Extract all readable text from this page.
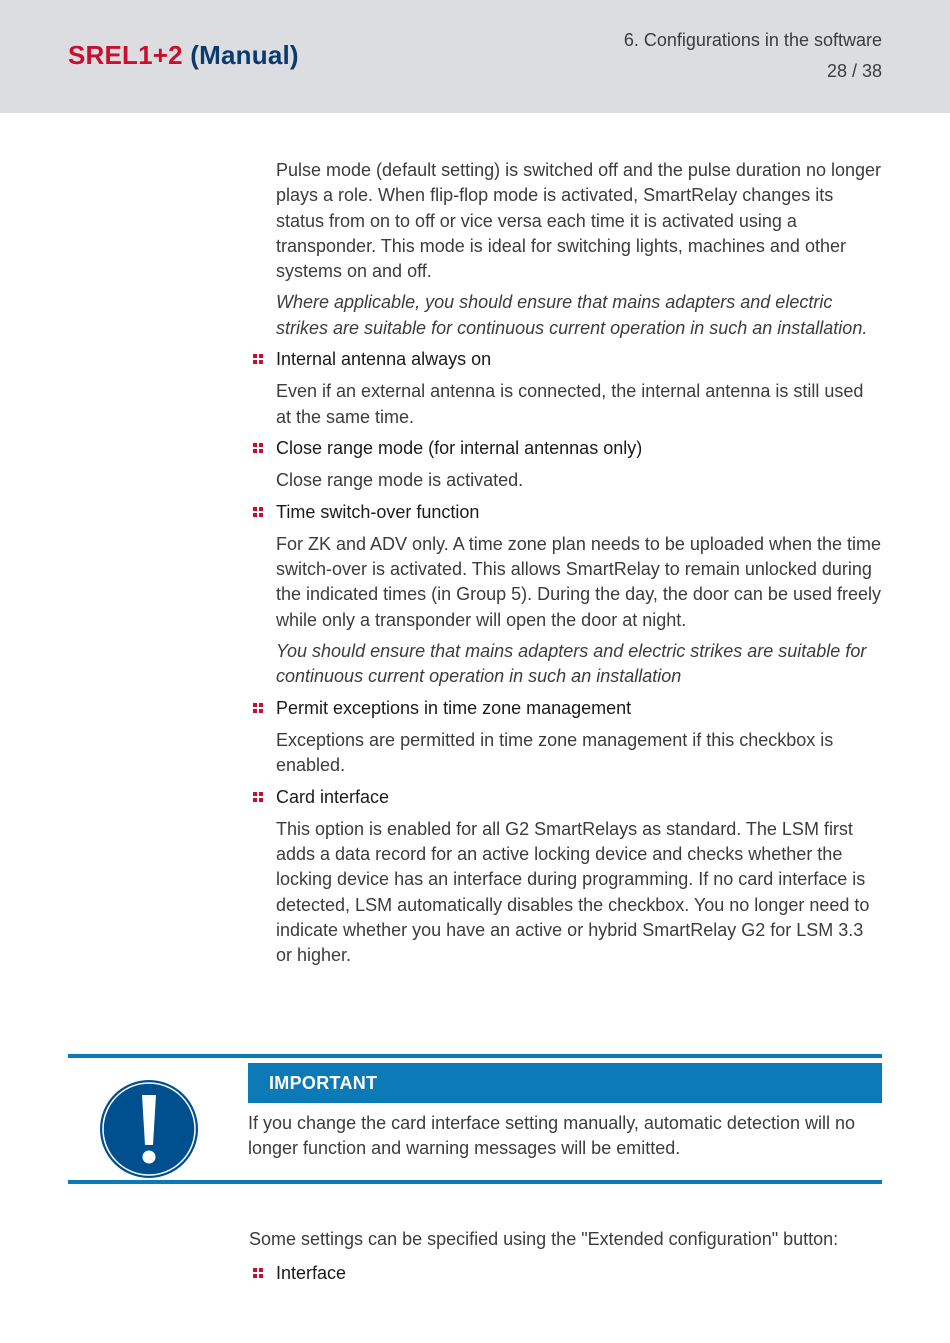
SREL1+2 (Manual)	6. Configurations in the software
28 / 38

Pulse mode (default setting) is switched off and the pulse duration no longer plays a role. When flip-flop mode is activated, SmartRelay changes its status from on to off or vice versa each time it is activated using a transponder. This mode is ideal for switching lights, machines and other systems on and off.

Where applicable, you should ensure that mains adapters and electric strikes are suitable for continuous current operation in such an installation.

Internal antenna always on

Even if an external antenna is connected, the internal antenna is still used at the same time.

Close range mode (for internal antennas only)

Close range mode is activated.

Time switch-over function

For ZK and ADV only. A time zone plan needs to be uploaded when the time switch-over is activated. This allows SmartRelay to remain unlocked during the indicated times (in Group 5). During the day, the door can be used freely while only a transponder will open the door at night.

You should ensure that mains adapters and electric strikes are suitable for continuous current operation in such an installation

Permit exceptions in time zone management

Exceptions are permitted in time zone management if this checkbox is enabled.

Card interface

This option is enabled for all G2 SmartRelays as standard. The LSM first adds a data record for an active locking device and checks whether the locking device has an interface during programming. If no card interface is detected, LSM automatically disables the checkbox. You no longer need to indicate whether you have an active or hybrid SmartRelay G2 for LSM 3.3 or higher.

IMPORTANT
If you change the card interface setting manually, automatic detection will no longer function and warning messages will be emitted.
Some settings can be specified using the "Extended configuration" button:
Interface
